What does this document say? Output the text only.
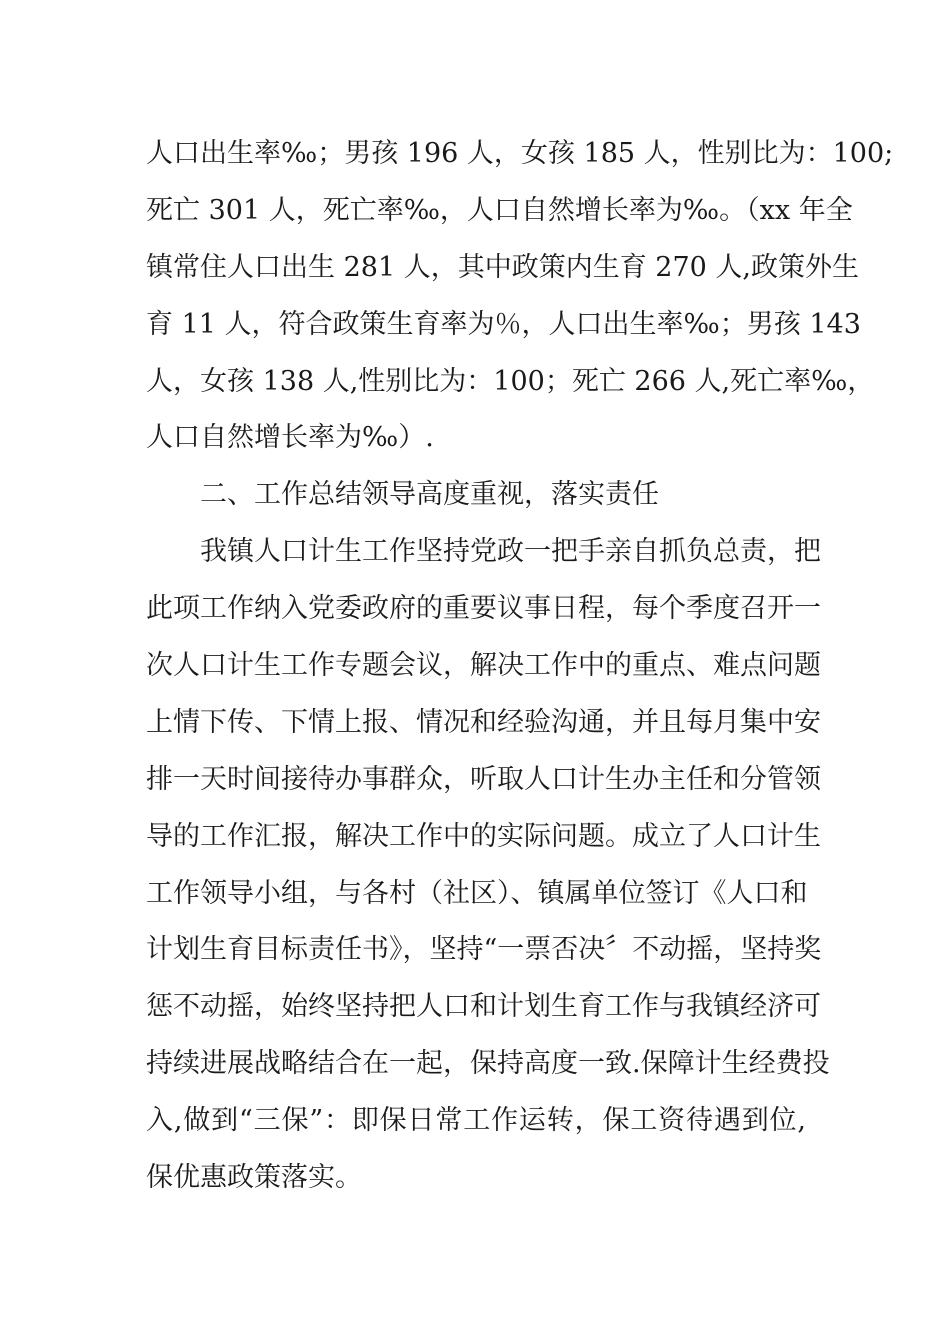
人口出生率‰；男孩 196 人，女孩 185 人，性别比为：100;
死亡 301 人，死亡率‰，人口自然增长率为‰。（xx 年全
镇常住人口出生 281 人，其中政策内生育 270 人,政策外生
育 11 人，符合政策生育率为％，人口出生率‰；男孩 143
人，女孩 138 人,性别比为：100；死亡 266 人,死亡率‰，
人口自然增长率为‰）.
二、工作总结领导高度重视，落实责任
我镇人口计生工作坚持党政一把手亲自抓负总责，把
此项工作纳入党委政府的重要议事日程，每个季度召开一
次人口计生工作专题会议，解决工作中的重点、难点问题
上情下传、下情上报、情况和经验沟通，并且每月集中安
排一天时间接待办事群众，听取人口计生办主任和分管领
导的工作汇报，解决工作中的实际问题。成立了人口计生
工作领导小组，与各村（社区）、镇属单位签订《人口和
计划生育目标责任书》，坚持“一票否决〞不动摇，坚持奖
惩不动摇，始终坚持把人口和计划生育工作与我镇经济可
持续进展战略结合在一起，保持高度一致.保障计生经费投
入,做到“三保”：即保日常工作运转，保工资待遇到位,
保优惠政策落实。
